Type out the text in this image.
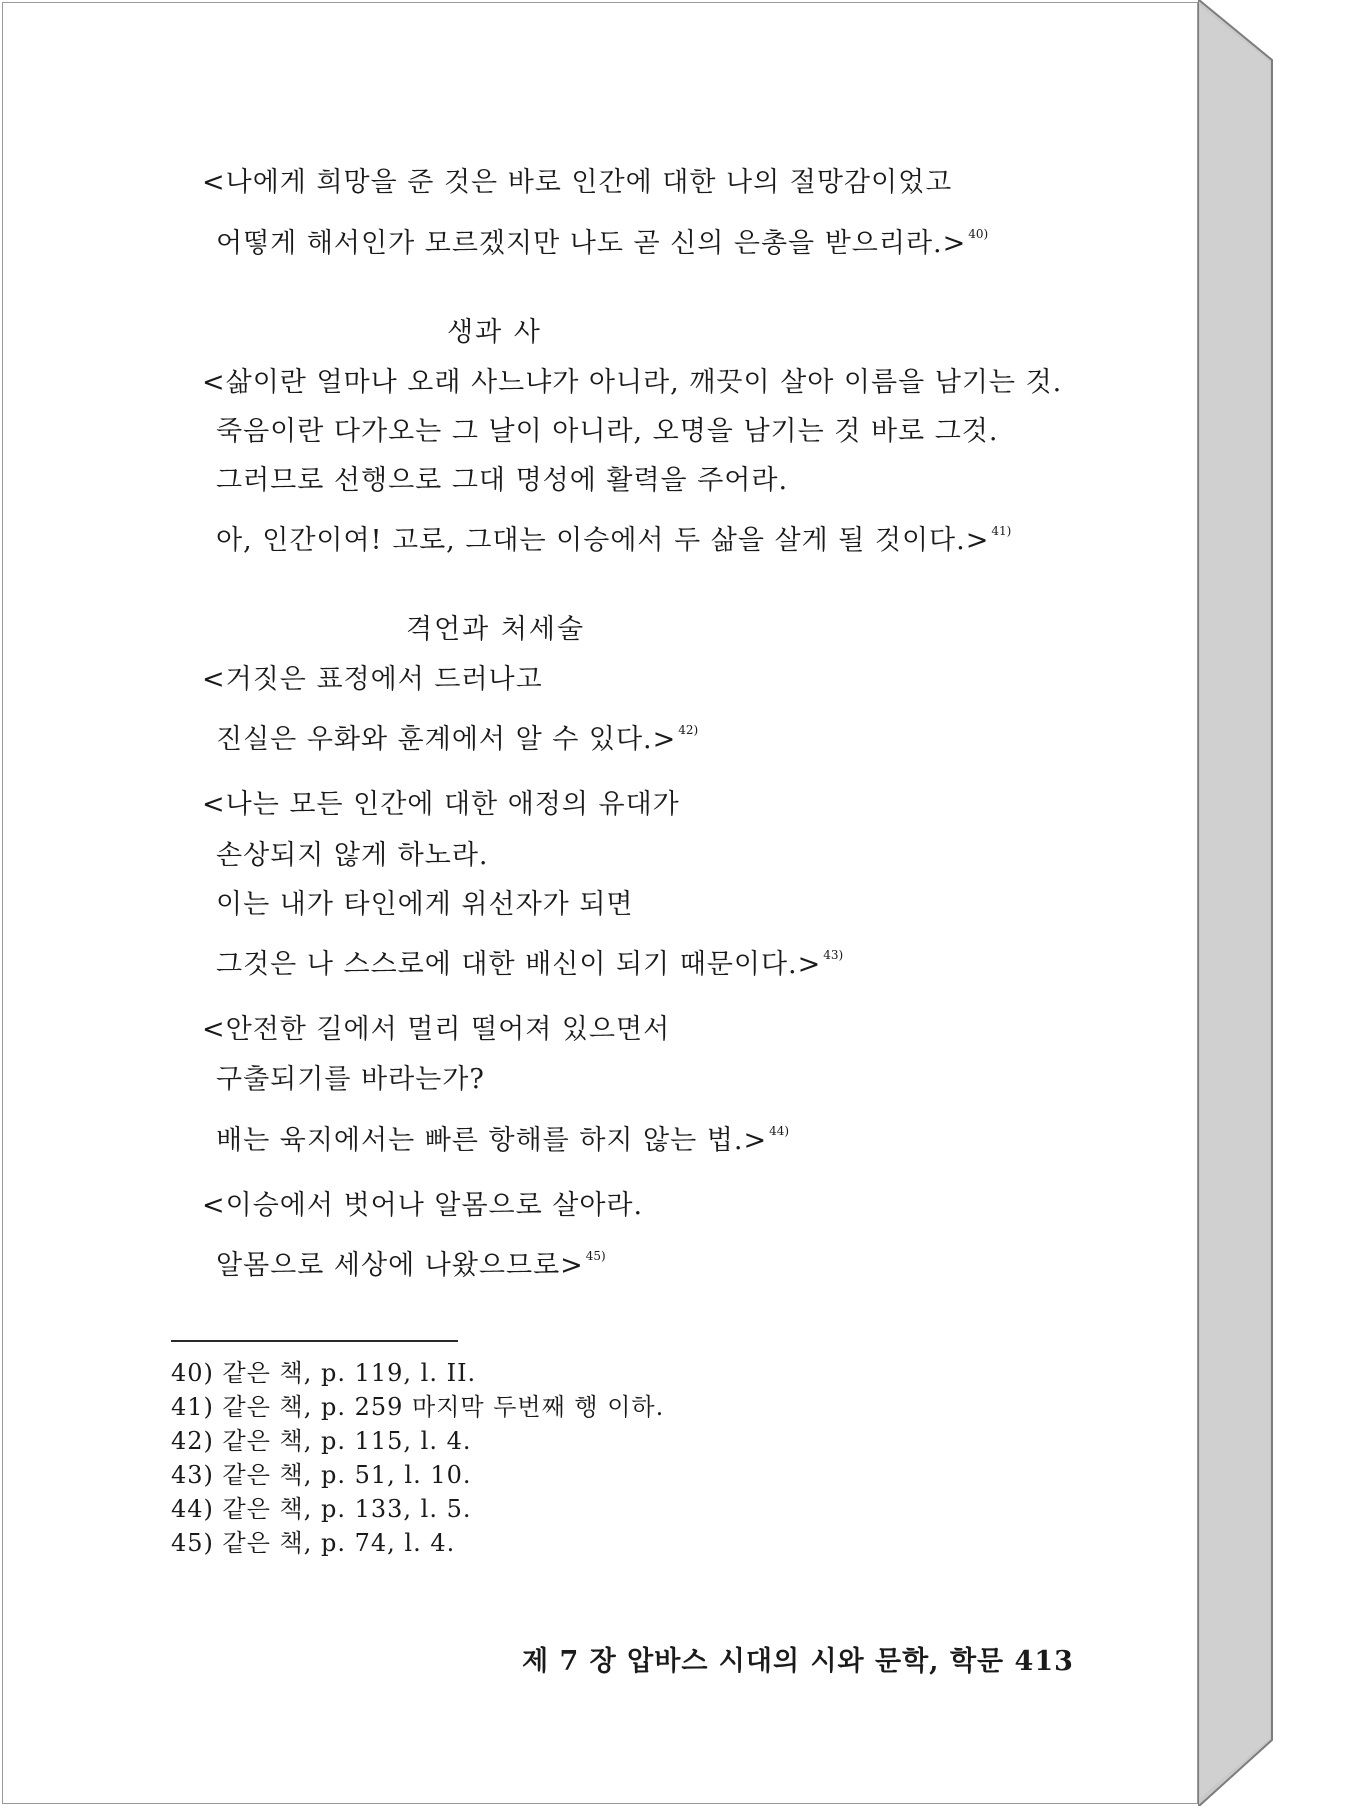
<나에게 희망을 준 것은 바로 인간에 대한 나의 절망감이었고
어떻게 해서인가 모르겠지만 나도 곧 신의 은총을 받으리라.> $^{40)}$
생과 사
<삶이란 얼마나 오래 사느냐가 아니라, 깨끗이 살아 이름을 남기는 것.
죽음이란 다가오는 그 날이 아니라, 오명을 남기는 것 바로 그것.
그러므로 선행으로 그대 명성에 활력을 주어라.
아, 인간이여! 고로, 그대는 이승에서 두 삶을 살게 될 것이다.> $^{41)}$
격언과 처세술
<거짓은 표정에서 드러나고
진실은 우화와 훈계에서 알 수 있다.> $^{42)}$
<나는 모든 인간에 대한 애정의 유대가
손상되지 않게 하노라.
이는 내가 타인에게 위선자가 되면
그것은 나 스스로에 대한 배신이 되기 때문이다.> $^{43)}$
<안전한 길에서 멀리 떨어져 있으면서
구출되기를 바라는가?
배는 육지에서는 빠른 항해를 하지 않는 법.> $^{44)}$
<이승에서 벗어나 알몸으로 살아라.
알몸으로 세상에 나왔으므로> $^{45)}$
40) 같은 책, p. 119, l. II.
41) 같은 책, p. 259 마지막 두번째 행 이하.
42) 같은 책, p. 115, l. 4.
43) 같은 책, p. 51, l. 10.
44) 같은 책, p. 133, l. 5.
45) 같은 책, p. 74, l. 4.
제 7 장 압바스 시대의 시와 문학, 학문 413
